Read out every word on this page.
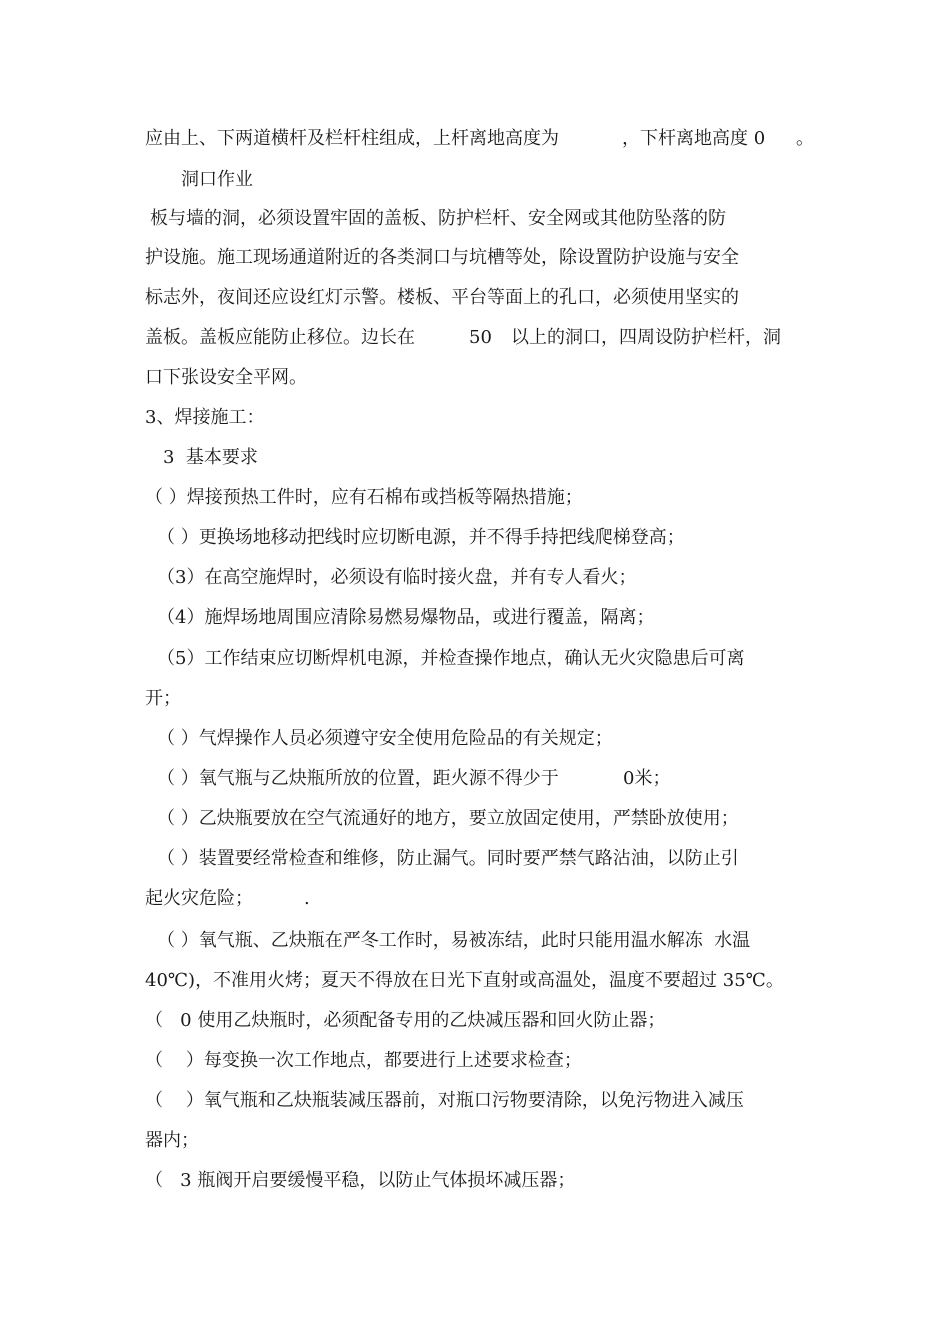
应由上、下两道横杆及栏杆柱组成，上杆离地高度为	，下杆离地高度 0 。
洞口作业
板与墙的洞，必须设置牢固的盖板、防护栏杆、安全网或其他防坠落的防
护设施。施工现场通道附近的各类洞口与坑槽等处，除设置防护设施与安全
标志外，夜间还应设红灯示警。楼板、平台等面上的孔口，必须使用坚实的
盖板。盖板应能防止移位。边长在	50 以上的洞口，四周设防护栏杆，洞
口下张设安全平网。
3、焊接施工：
3  基本要求
（ ）焊接预热工件时，应有石棉布或挡板等隔热措施；
（ ）更换场地移动把线时应切断电源，并不得手持把线爬梯登高；
（3）在高空施焊时，必须设有临时接火盘，并有专人看火；
（4）施焊场地周围应清除易燃易爆物品，或进行覆盖，隔离；
（5）工作结束应切断焊机电源，并检查操作地点，确认无火灾隐患后可离
开；
（ ）气焊操作人员必须遵守安全使用危险品的有关规定；
（ ）氧气瓶与乙炔瓶所放的位置，距火源不得少于	0米；
（ ）乙炔瓶要放在空气流通好的地方，要立放固定使用，严禁卧放使用；
（ ）装置要经常检查和维修，防止漏气。同时要严禁气路沾油，以防止引
起火灾危险；	.
（ ）氧气瓶、乙炔瓶在严冬工作时，易被冻结，此时只能用温水解冻  水温
40℃)，不准用火烤；夏天不得放在日光下直射或高温处，温度不要超过 35℃。
（   0 使用乙炔瓶时，必须配备专用的乙炔减压器和回火防止器；
（    ）每变换一次工作地点，都要进行上述要求检查；
（    ）氧气瓶和乙炔瓶装减压器前，对瓶口污物要清除，以免污物进入减压
器内；
（   3 瓶阀开启要缓慢平稳，以防止气体损坏减压器；
